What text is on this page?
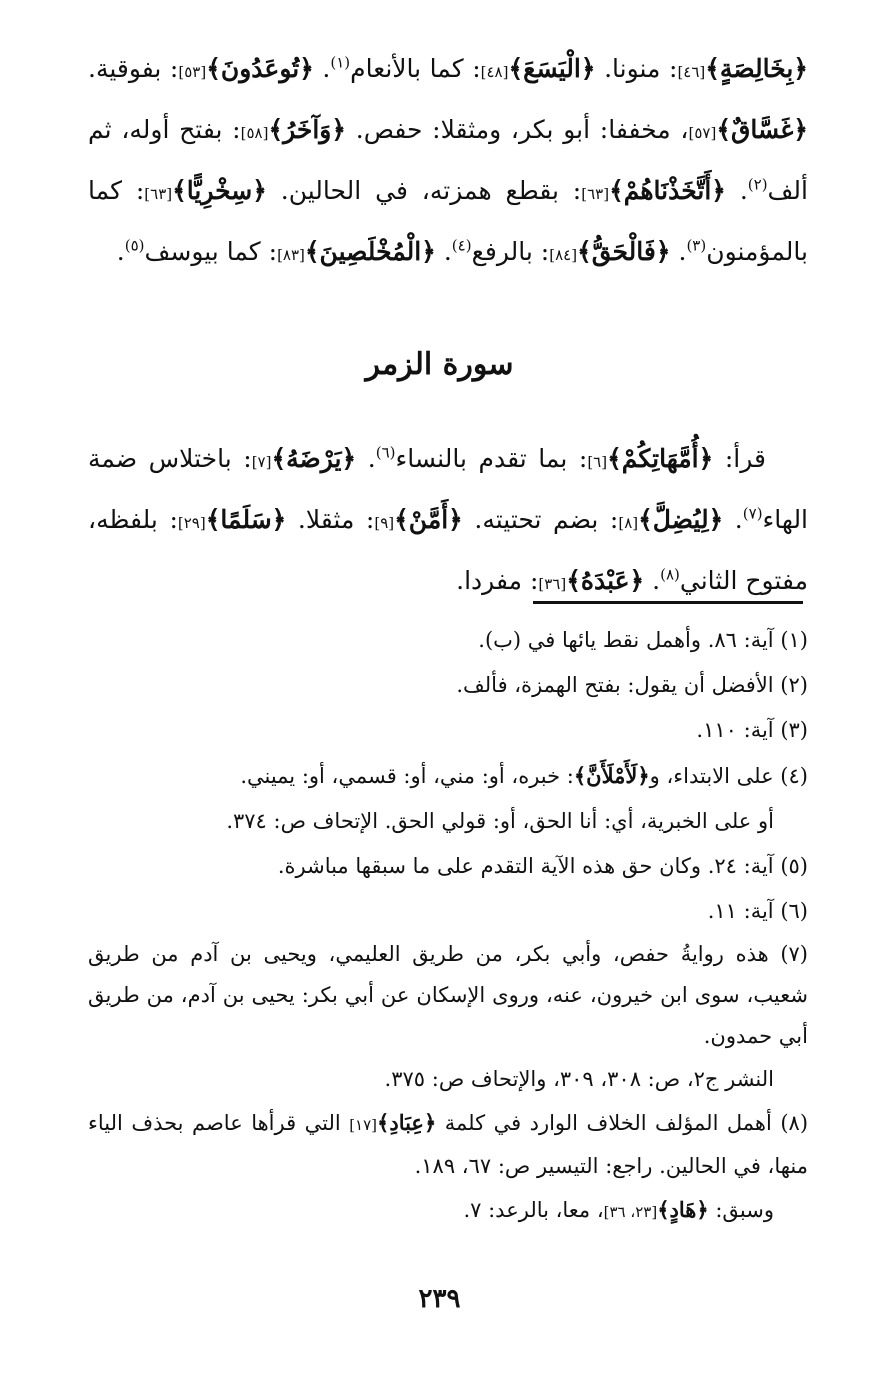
﴿بِخَالِصَةٍ﴾[٤٦]: منونا. ﴿الْيَسَعَ﴾[٤٨]: كما بالأنعام$^{(١)}$. ﴿تُوعَدُونَ﴾[٥٣]: بفوقية. ﴿غَسَّاقٌ﴾[٥٧]، مخففا: أبو بكر، ومثقلا: حفص. ﴿وَآخَرُ﴾[٥٨]: بفتح أوله، ثم ألف$^{(٢)}$. ﴿أَتَّخَذْنَاهُمْ﴾[٦٣]: بقطع همزته، في الحالين. ﴿سِخْرِيًّا﴾[٦٣]: كما بالمؤمنون$^{(٣)}$. ﴿فَالْحَقُّ﴾[٨٤]: بالرفع$^{(٤)}$. ﴿الْمُخْلَصِينَ﴾[٨٣]: كما بيوسف$^{(٥)}$.

سورة الزمر

قرأ: ﴿أُمَّهَاتِكُمْ﴾[٦]: بما تقدم بالنساء$^{(٦)}$. ﴿يَرْضَهُ﴾[٧]: باختلاس ضمة الهاء$^{(٧)}$. ﴿لِيُضِلَّ﴾[٨]: بضم تحتيته. ﴿أَمَّنْ﴾[٩]: مثقلا. ﴿سَلَمًا﴾[٢٩]: بلفظه، مفتوح الثاني$^{(٨)}$. ﴿عَبْدَهُ﴾[٣٦]: مفردا.

(١) آية: ٨٦. وأهمل نقط يائها في (ب).

(٢) الأفضل أن يقول: بفتح الهمزة، فألف.

(٣) آية: ١١٠.

(٤) على الابتداء، و﴿لَأَمْلَأَنَّ﴾: خبره، أو: مني، أو: قسمي، أو: يميني.

أو على الخبرية، أي: أنا الحق، أو: قولي الحق. الإتحاف ص: ٣٧٤.

(٥) آية: ٢٤. وكان حق هذه الآية التقدم على ما سبقها مباشرة.

(٦) آية: ١١.

(٧) هذه روايةُ حفص، وأبي بكر، من طريق العليمي، ويحيى بن آدم من طريق شعيب، سوى ابن خيرون، عنه، وروى الإسكان عن أبي بكر: يحيى بن آدم، من طريق أبي حمدون.

النشر ج٢، ص: ٣٠٨، ٣٠٩، والإتحاف ص: ٣٧٥.

(٨) أهمل المؤلف الخلاف الوارد في كلمة ﴿عِبَادِ﴾[١٧] التي قرأها عاصم بحذف الياء منها، في الحالين. راجع: التيسير ص: ٦٧، ١٨٩.

وسبق: ﴿هَادٍ﴾[٢٣، ٣٦]، معا، بالرعد: ٧.

٢٣٩
